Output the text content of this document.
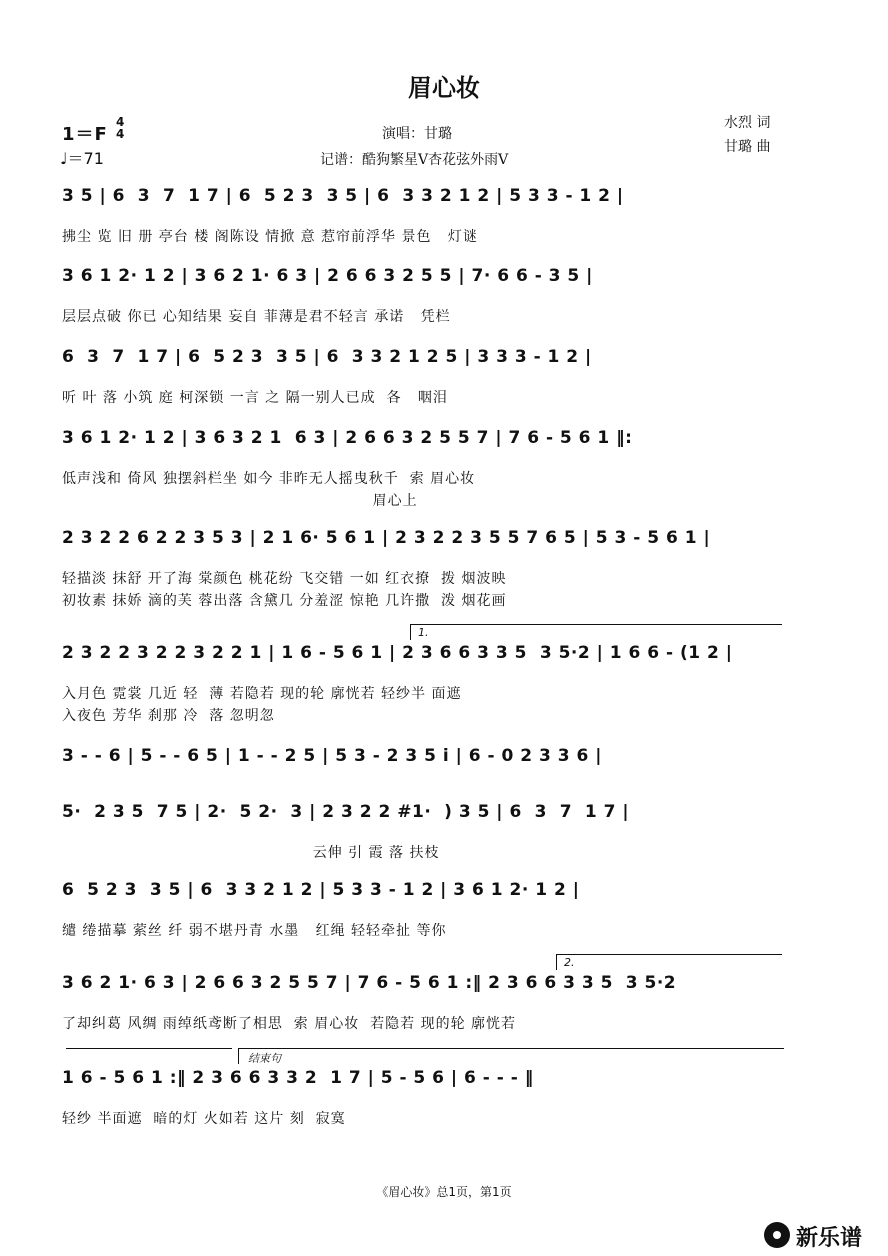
眉心妆
1＝F
4
4
♩＝71
演唱：甘璐
记谱：酷狗繁星V杏花弦外雨V
水烈 词
甘璐 曲
3 5 | 6  3  7  1 7 | 6  5 2 3  3 5 | 6  3 3 2 1 2 | 5 3 3 - 1 2 |
拂尘 览 旧 册 亭台 楼 阁陈设 情掀 意 惹帘前浮华 景色   灯谜
3 6 1 2· 1 2 | 3 6 2 1· 6 3 | 2 6 6 3 2 5 5 | 7· 6 6 - 3 5 |
层层点破 你已 心知结果 妄自 菲薄是君不轻言 承诺   凭栏
6  3  7  1 7 | 6  5 2 3  3 5 | 6  3 3 2 1 2 5 | 3 3 3 - 1 2 |
听 叶 落 小筑 庭 柯深锁 一言 之 隔一别人已成  各   咽泪
3 6 1 2· 1 2 | 3 6 3 2 1  6 3 | 2 6 6 3 2 5 5 7 | 7 6 - 5 6 1 ‖:
低声浅和 倚风 独摆斜栏坐 如今 非昨无人摇曳秋千  索 眉心妆
眉心上
2 3 2 2 6 2 2 3 5 3 | 2 1 6· 5 6 1 | 2 3 2 2 3 5 5 7 6 5 | 5 3 - 5 6 1 |
轻描淡 抹舒 开了海 棠颜色 桃花纷 飞交错 一如 红衣撩  拨 烟波映
初妆素 抹娇 滴的芙 蓉出落 含黛几 分羞涩 惊艳 几许撒  泼 烟花画
2 3 2 2 3 2 2 3 2 2 1 | 1 6 - 5 6 1 | 2 3 6 6 3 3 5  3 5·2 | 1 6 6 - (1 2 |
入月色 霓裳 几近 轻  薄 若隐若 现的轮 廓恍若 轻纱半 面遮
入夜色 芳华 刹那 冷  落 忽明忽
3 - - 6 | 5 - - 6 5 | 1 - - 2 5 | 5 3 - 2 3 5 i | 6 - 0 2 3 3 6 |
5·  2 3 5  7 5 | 2·  5 2·  3 | 2 3 2 2 #1·  ) 3 5 | 6  3  7  1 7 |
云伸 引 霞 落 扶枝
6  5 2 3  3 5 | 6  3 3 2 1 2 | 5 3 3 - 1 2 | 3 6 1 2· 1 2 |
缱 绻描摹 萦丝 纤 弱不堪丹青 水墨   红绳 轻轻牵扯 等你
3 6 2 1· 6 3 | 2 6 6 3 2 5 5 7 | 7 6 - 5 6 1 :‖ 2 3 6 6 3 3 5  3 5·2
了却纠葛 风绸 雨绰纸鸢断了相思  索 眉心妆  若隐若 现的轮 廓恍若
1 6 - 5 6 1 :‖ 2 3 6 6 3 3 2  1 7 | 5 - 5 6 | 6 - - - ‖
轻纱 半面遮  暗的灯 火如若 这片 刻  寂寞
1.
2.
结束句
《眉心妆》总1页，第1页
新乐谱
